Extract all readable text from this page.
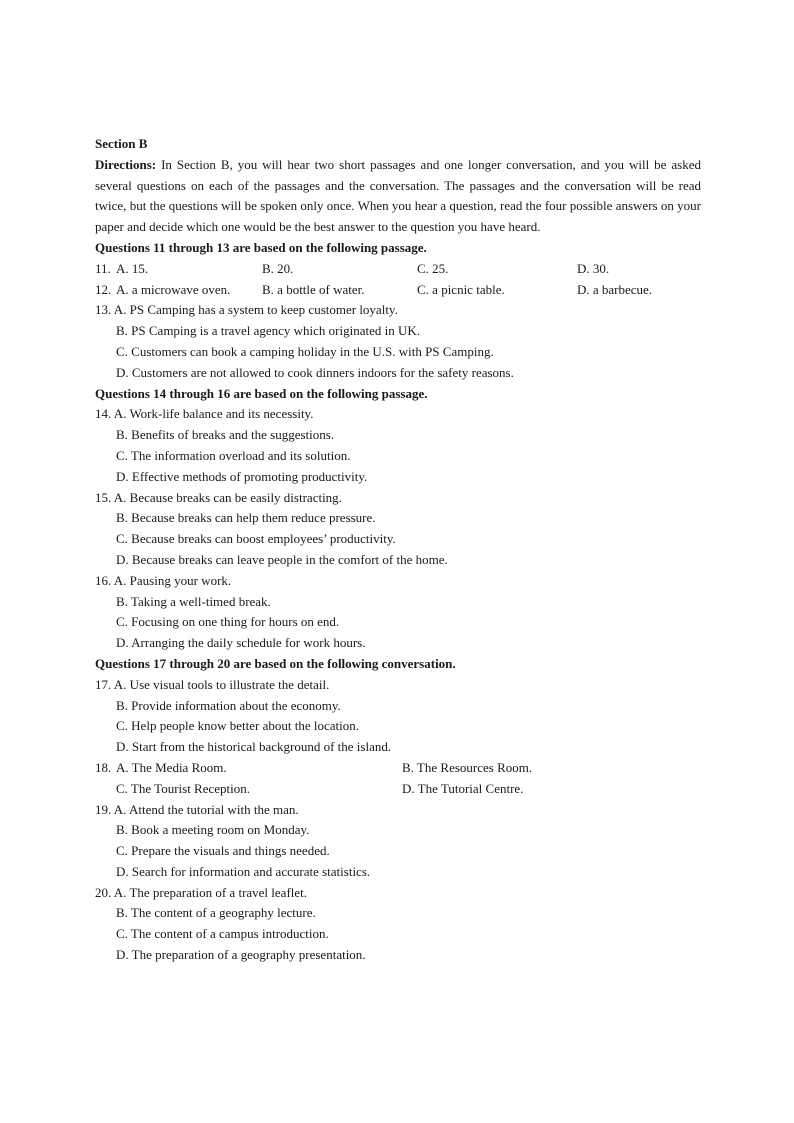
Section B
Directions: In Section B, you will hear two short passages and one longer conversation, and you will be asked several questions on each of the passages and the conversation. The passages and the conversation will be read twice, but the questions will be spoken only once. When you hear a question, read the four possible answers on your paper and decide which one would be the best answer to the question you have heard.
Questions 11 through 13 are based on the following passage.
11. A. 15.	B. 20.	C. 25.	D. 30.
12. A. a microwave oven. B. a bottle of water.	C. a picnic table.	D. a barbecue.
13. A. PS Camping has a system to keep customer loyalty.
B. PS Camping is a travel agency which originated in UK.
C. Customers can book a camping holiday in the U.S. with PS Camping.
D. Customers are not allowed to cook dinners indoors for the safety reasons.
Questions 14 through 16 are based on the following passage.
14. A. Work-life balance and its necessity.
B. Benefits of breaks and the suggestions.
C. The information overload and its solution.
D. Effective methods of promoting productivity.
15. A. Because breaks can be easily distracting.
B. Because breaks can help them reduce pressure.
C. Because breaks can boost employees’ productivity.
D. Because breaks can leave people in the comfort of the home.
16. A. Pausing your work.
B. Taking a well-timed break.
C. Focusing on one thing for hours on end.
D. Arranging the daily schedule for work hours.
Questions 17 through 20 are based on the following conversation.
17. A. Use visual tools to illustrate the detail.
B. Provide information about the economy.
C. Help people know better about the location.
D. Start from the historical background of the island.
18. A. The Media Room.	B. The Resources Room.
C. The Tourist Reception.	D. The Tutorial Centre.
19. A. Attend the tutorial with the man.
B. Book a meeting room on Monday.
C. Prepare the visuals and things needed.
D. Search for information and accurate statistics.
20. A. The preparation of a travel leaflet.
B. The content of a geography lecture.
C. The content of a campus introduction.
D. The preparation of a geography presentation.
